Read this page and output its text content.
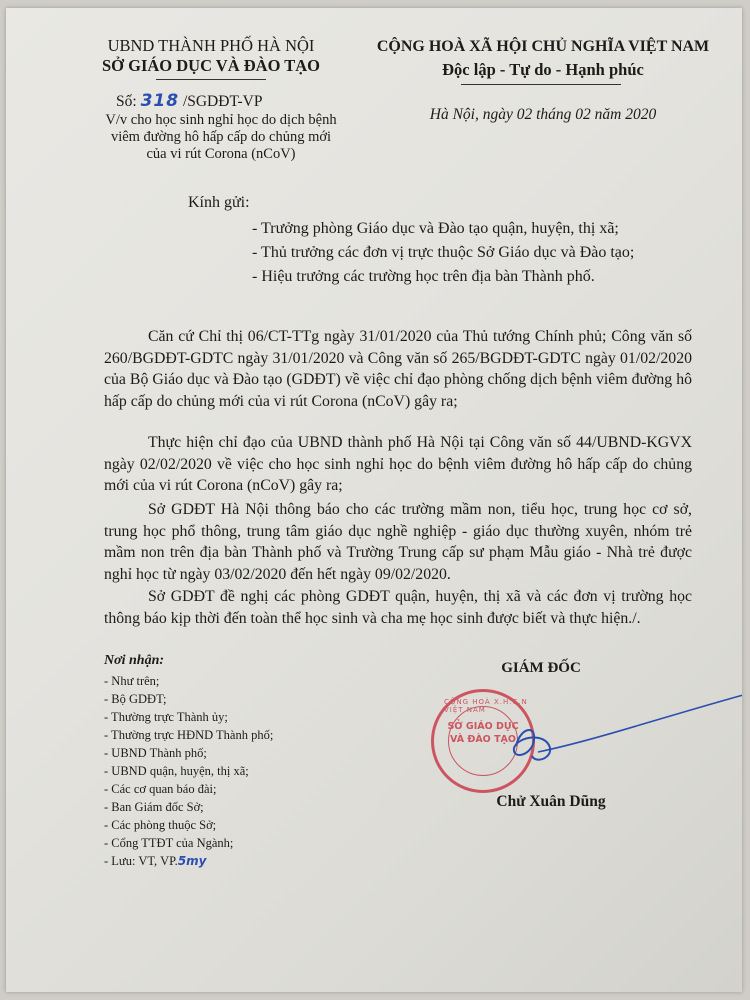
UBND THÀNH PHỐ HÀ NỘI
SỞ GIÁO DỤC VÀ ĐÀO TẠO
Số: 318 /SGDĐT-VP
V/v cho học sinh nghỉ học do dịch bệnh
viêm đường hô hấp cấp do chủng mới
của vi rút Corona (nCoV)
CỘNG HOÀ XÃ HỘI CHỦ NGHĨA VIỆT NAM
Độc lập - Tự do - Hạnh phúc
Hà Nội, ngày 02 tháng 02 năm 2020
Kính gửi:
- Trưởng phòng Giáo dục và Đào tạo quận, huyện, thị xã;
- Thủ trưởng các đơn vị trực thuộc Sở Giáo dục và Đào tạo;
- Hiệu trưởng các trường học trên địa bàn Thành phố.

Căn cứ Chỉ thị 06/CT-TTg ngày 31/01/2020 của Thủ tướng Chính phủ; Công văn số 260/BGDĐT-GDTC ngày 31/01/2020 và Công văn số 265/BGDĐT-GDTC ngày 01/02/2020 của Bộ Giáo dục và Đào tạo (GDĐT) về việc chỉ đạo phòng chống dịch bệnh viêm đường hô hấp cấp do chủng mới của vi rút Corona (nCoV) gây ra;

Thực hiện chỉ đạo của UBND thành phố Hà Nội tại Công văn số 44/UBND-KGVX ngày 02/02/2020 về việc cho học sinh nghỉ học do bệnh viêm đường hô hấp cấp do chủng mới của vi rút Corona (nCoV) gây ra;

Sở GDĐT Hà Nội thông báo cho các trường mầm non, tiểu học, trung học cơ sở, trung học phổ thông, trung tâm giáo dục nghề nghiệp - giáo dục thường xuyên, nhóm trẻ mầm non trên địa bàn Thành phố và Trường Trung cấp sư phạm Mẫu giáo - Nhà trẻ được nghỉ học từ ngày 03/02/2020 đến hết ngày 09/02/2020.

Sở GDĐT đề nghị các phòng GDĐT quận, huyện, thị xã và các đơn vị trường học thông báo kịp thời đến toàn thể học sinh và cha mẹ học sinh được biết và thực hiện./.

Nơi nhận:
- Như trên;
- Bộ GDĐT;
- Thường trực Thành ủy;
- Thường trực HĐND Thành phố;
- UBND Thành phố;
- UBND quận, huyện, thị xã;
- Các cơ quan báo đài;
- Ban Giám đốc Sở;
- Các phòng thuộc Sở;
- Cổng TTĐT của Ngành;
- Lưu: VT, VP.5my
GIÁM ĐỐC
CỘNG HOÀ X.H.C.N VIỆT NAM
SỞ GIÁO DỤC
VÀ ĐÀO TẠO
Chử Xuân Dũng
